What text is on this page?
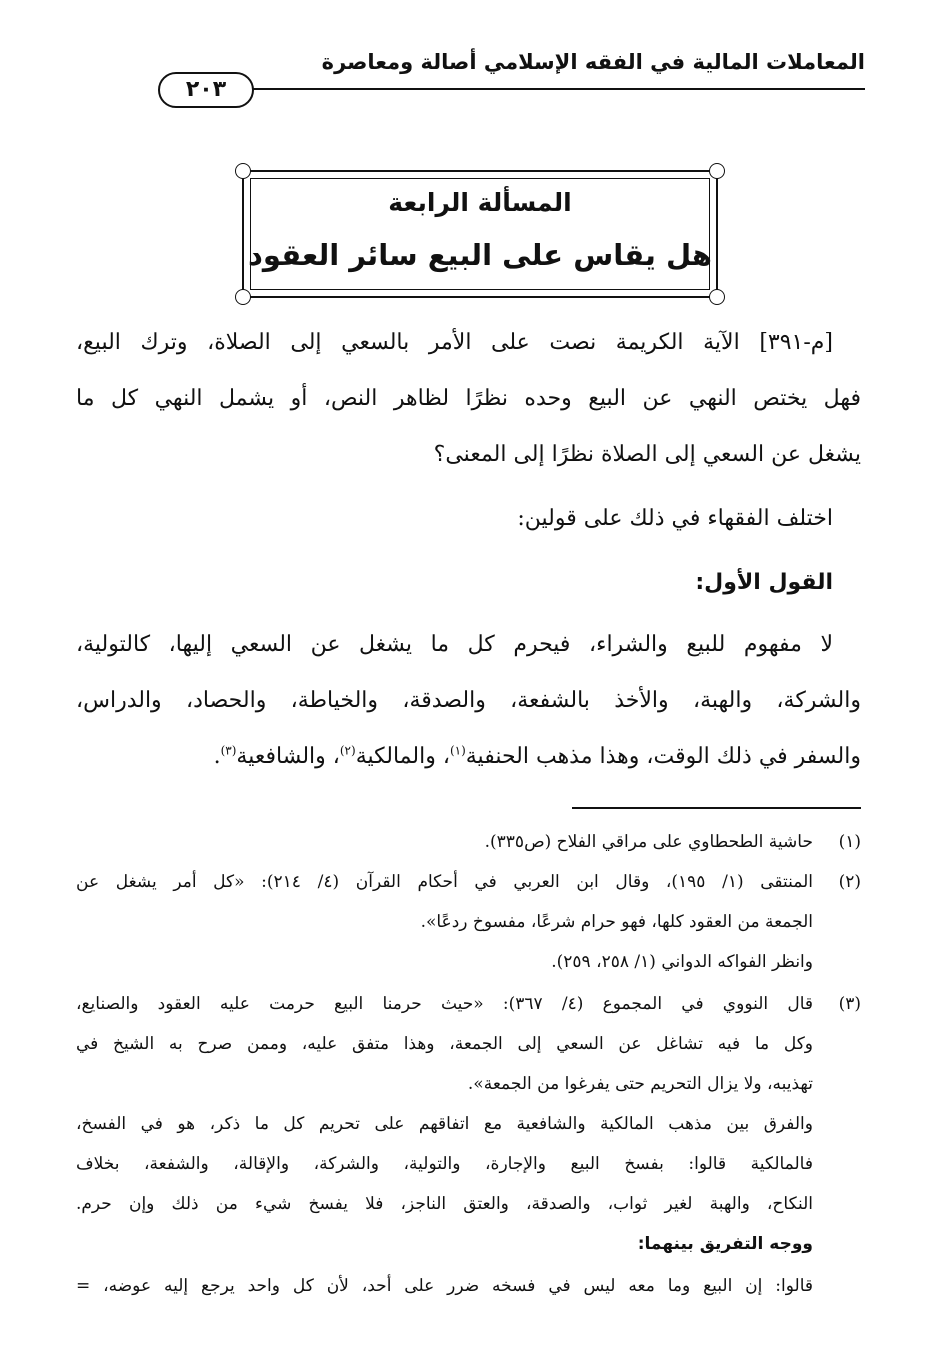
المعاملات المالية في الفقه الإسلامي أصالة ومعاصرة
٢٠٣
المسألة الرابعة
هل يقاس على البيع سائر العقود
[م-٣٩١] الآية الكريمة نصت على الأمر بالسعي إلى الصلاة، وترك البيع،
فهل يختص النهي عن البيع وحده نظرًا لظاهر النص، أو يشمل النهي كل ما
يشغل عن السعي إلى الصلاة نظرًا إلى المعنى؟
اختلف الفقهاء في ذلك على قولين:
القول الأول:
لا مفهوم للبيع والشراء، فيحرم كل ما يشغل عن السعي إليها، كالتولية،
والشركة، والهبة، والأخذ بالشفعة، والصدقة، والخياطة، والحصاد، والدراس،
والسفر في ذلك الوقت، وهذا مذهب الحنفية$^{(١)}$، والمالكية$^{(٢)}$، والشافعية$^{(٣)}$.
(١)
حاشية الطحطاوي على مراقي الفلاح (ص٣٣٥).
(٢)
المنتقى (١/ ١٩٥)، وقال ابن العربي في أحكام القرآن (٤/ ٢١٤): «كل أمر يشغل عن
الجمعة من العقود كلها، فهو حرام شرعًا، مفسوخ ردعًا».
وانظر الفواكه الدواني (١/ ٢٥٨، ٢٥٩).
(٣)
قال النووي في المجموع (٤/ ٣٦٧): «حيث حرمنا البيع حرمت عليه العقود والصنايع،
وكل ما فيه تشاغل عن السعي إلى الجمعة، وهذا متفق عليه، وممن صرح به الشيخ في
تهذيبه، ولا يزال التحريم حتى يفرغوا من الجمعة».
والفرق بين مذهب المالكية والشافعية مع اتفاقهم على تحريم كل ما ذكر، هو في الفسخ،
فالمالكية قالوا: بفسخ البيع والإجارة، والتولية، والشركة، والإقالة، والشفعة، بخلاف
النكاح، والهبة لغير ثواب، والصدقة، والعتق الناجز، فلا يفسخ شيء من ذلك وإن حرم.
ووجه التفريق بينهما:
قالوا: إن البيع وما معه ليس في فسخه ضرر على أحد، لأن كل واحد يرجع إليه عوضه، =
